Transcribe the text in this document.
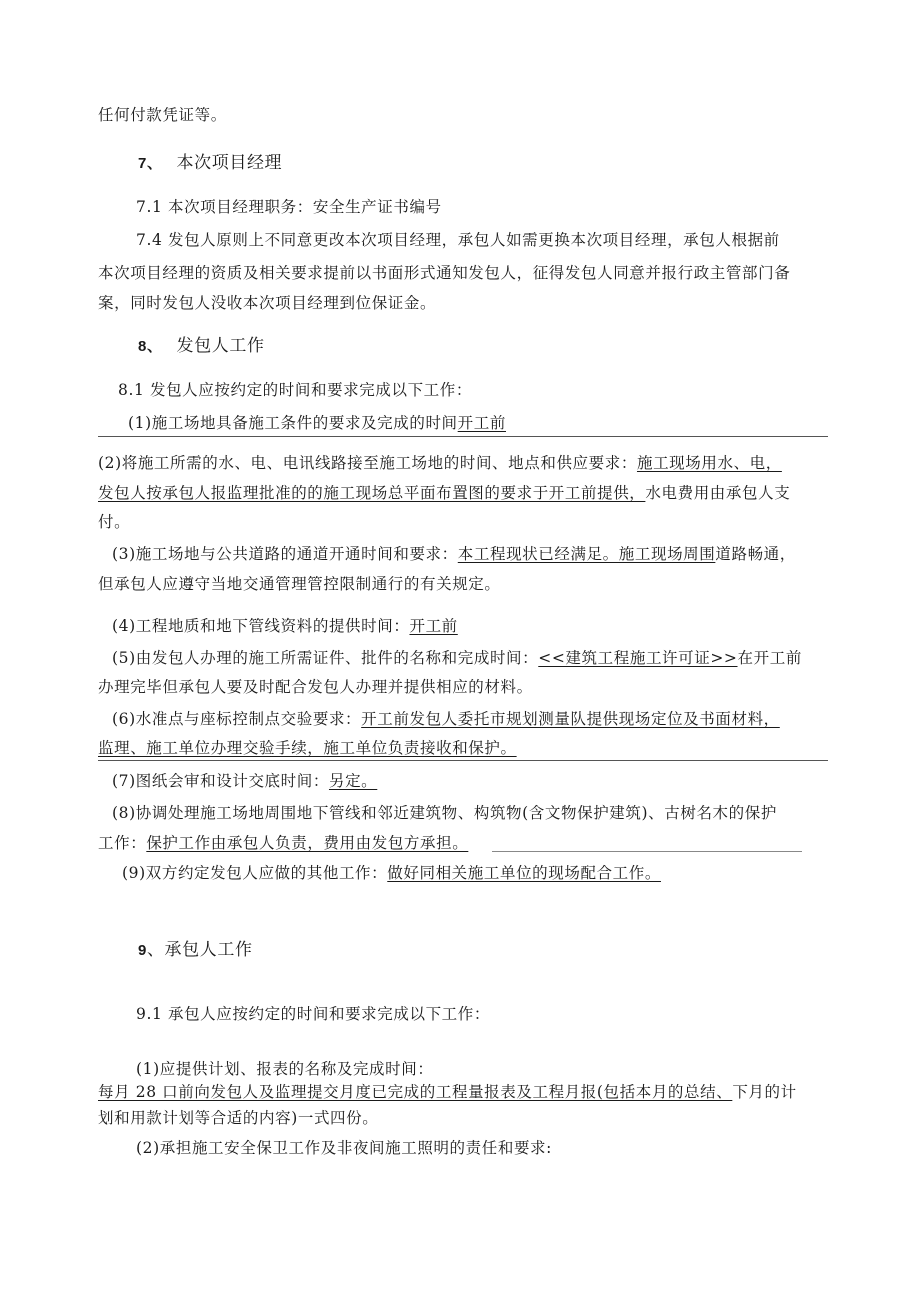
任何付款凭证等。
7、 本次项目经理
7.1 本次项目经理职务：安全生产证书编号
7.4 发包人原则上不同意更改本次项目经理，承包人如需更换本次项目经理，承包人根据前
本次项目经理的资质及相关要求提前以书面形式通知发包人，征得发包人同意并报行政主管部门备
案，同时发包人没收本次项目经理到位保证金。
8、 发包人工作
8.1 发包人应按约定的时间和要求完成以下工作：
(1)施工场地具备施工条件的要求及完成的时间开工前
(2)将施工所需的水、电、电讯线路接至施工场地的时间、地点和供应要求：施工现场用水、电，
发包人按承包人报监理批准的的施工现场总平面布置图的要求于开工前提供，水电费用由承包人支
付。
(3)施工场地与公共道路的通道开通时间和要求：本工程现状已经满足。施工现场周围道路畅通，
但承包人应遵守当地交通管理管控限制通行的有关规定。
(4)工程地质和地下管线资料的提供时间：开工前
(5)由发包人办理的施工所需证件、批件的名称和完成时间：<<建筑工程施工许可证>>在开工前
办理完毕但承包人要及时配合发包人办理并提供相应的材料。
(6)水准点与座标控制点交验要求：开工前发包人委托市规划测量队提供现场定位及书面材料，
监理、施工单位办理交验手续，施工单位负责接收和保护。
(7)图纸会审和设计交底时间：另定。
(8)协调处理施工场地周围地下管线和邻近建筑物、构筑物(含文物保护建筑)、古树名木的保护
工作：保护工作由承包人负责，费用由发包方承担。
(9)双方约定发包人应做的其他工作：做好同相关施工单位的现场配合工作。
9、承包人工作
9.1 承包人应按约定的时间和要求完成以下工作：
(1)应提供计划、报表的名称及完成时间：
每月 28 口前向发包人及监理提交月度已完成的工程量报表及工程月报(包括本月的总结、下月的计
划和用款计划等合适的内容)一式四份。
(2)承担施工安全保卫工作及非夜间施工照明的责任和要求:
